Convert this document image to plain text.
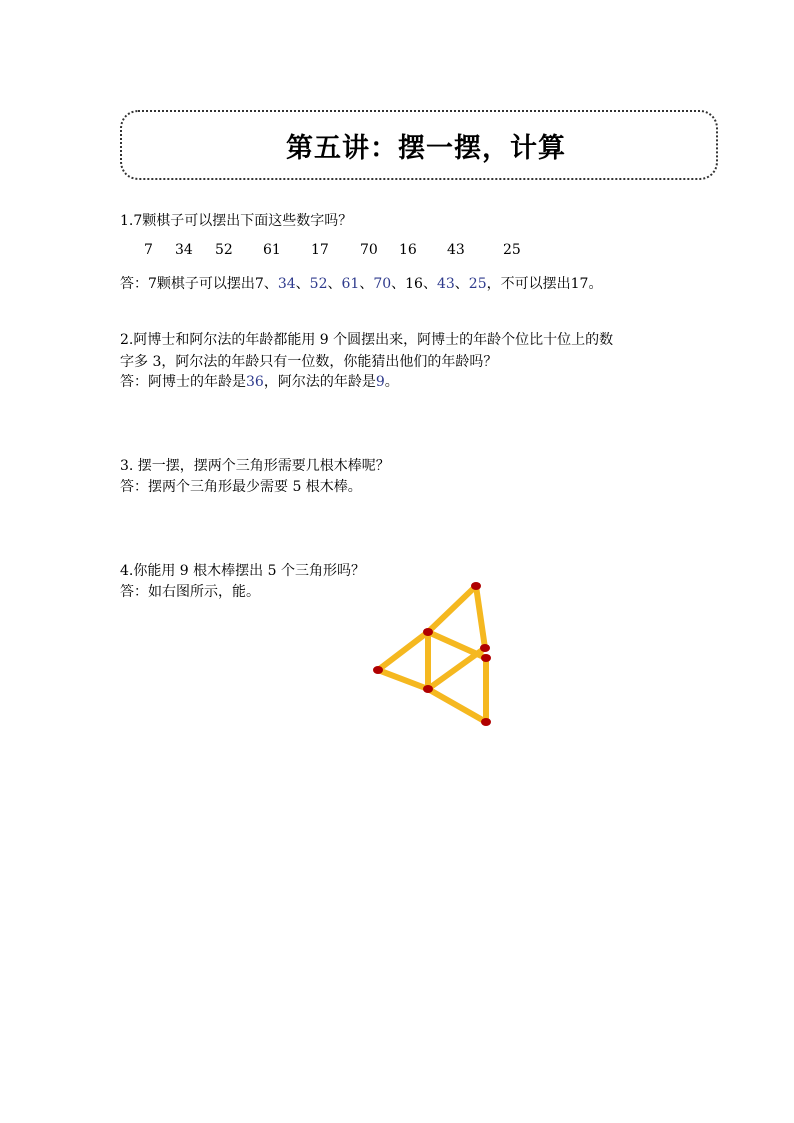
第五讲：摆一摆，计算
1.7颗棋子可以摆出下面这些数字吗？
7 34 52 61 17 70 16 43	25
答：7颗棋子可以摆出7、34、52、61、70、16、43、25，不可以摆出17。
2.阿博士和阿尔法的年龄都能用 9 个圆摆出来，阿博士的年龄个位比十位上的数
字多 3，阿尔法的年龄只有一位数，你能猜出他们的年龄吗？
答：阿博士的年龄是36，阿尔法的年龄是9。
3. 摆一摆，摆两个三角形需要几根木棒呢？
答：摆两个三角形最少需要 5 根木棒。
4.你能用 9 根木棒摆出 5 个三角形吗？
答：如右图所示，能。
